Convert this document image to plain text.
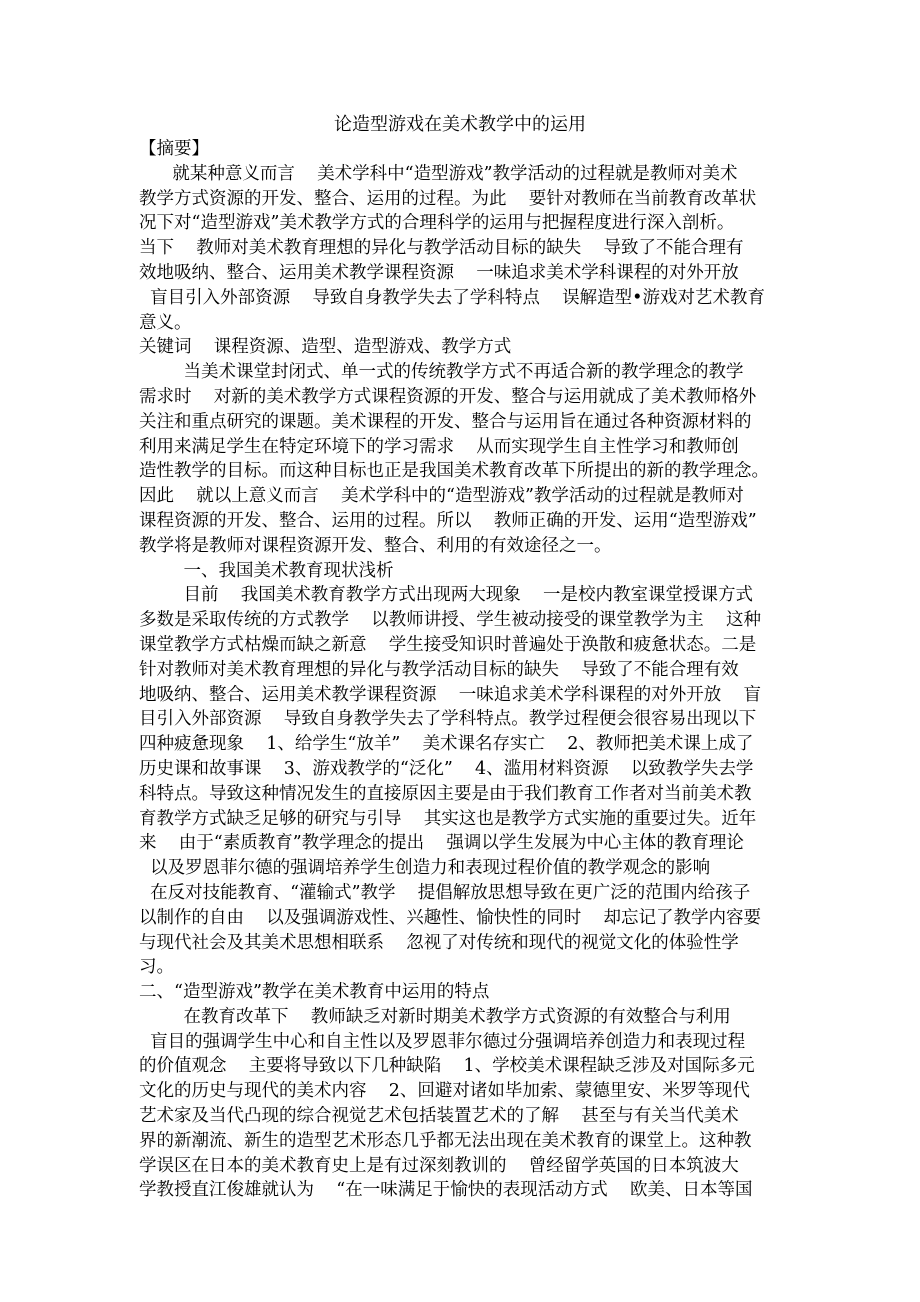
论造型游戏在美术教学中的运用
【摘要】
就某种意义而言    美术学科中“造型游戏”教学活动的过程就是教师对美术
教学方式资源的开发、整合、运用的过程。为此    要针对教师在当前教育改革状
况下对“造型游戏”美术教学方式的合理科学的运用与把握程度进行深入剖析。
当下    教师对美术教育理想的异化与教学活动目标的缺失    导致了不能合理有
效地吸纳、整合、运用美术教学课程资源    一味追求美术学科课程的对外开放
盲目引入外部资源    导致自身教学失去了学科特点    误解造型•游戏对艺术教育
意义。
关键词    课程资源、造型、造型游戏、教学方式
当美术课堂封闭式、单一式的传统教学方式不再适合新的教学理念的教学
需求时    对新的美术教学方式课程资源的开发、整合与运用就成了美术教师格外
关注和重点研究的课题。美术课程的开发、整合与运用旨在通过各种资源材料的
利用来满足学生在特定环境下的学习需求    从而实现学生自主性学习和教师创
造性教学的目标。而这种目标也正是我国美术教育改革下所提出的新的教学理念。
因此    就以上意义而言    美术学科中的“造型游戏”教学活动的过程就是教师对
课程资源的开发、整合、运用的过程。所以    教师正确的开发、运用“造型游戏”
教学将是教师对课程资源开发、整合、利用的有效途径之一。
一、我国美术教育现状浅析
目前    我国美术教育教学方式出现两大现象    一是校内教室课堂授课方式
多数是采取传统的方式教学    以教师讲授、学生被动接受的课堂教学为主    这种
课堂教学方式枯燥而缺之新意    学生接受知识时普遍处于涣散和疲惫状态。二是
针对教师对美术教育理想的异化与教学活动目标的缺失    导致了不能合理有效
地吸纳、整合、运用美术教学课程资源    一味追求美术学科课程的对外开放    盲
目引入外部资源    导致自身教学失去了学科特点。教学过程便会很容易出现以下
四种疲惫现象    1、给学生“放羊”    美术课名存实亡    2、教师把美术课上成了
历史课和故事课    3、游戏教学的“泛化”    4、滥用材料资源    以致教学失去学
科特点。导致这种情况发生的直接原因主要是由于我们教育工作者对当前美术教
育教学方式缺乏足够的研究与引导    其实这也是教学方式实施的重要过失。近年
来    由于“素质教育”教学理念的提出    强调以学生发展为中心主体的教育理论
以及罗恩菲尔德的强调培养学生创造力和表现过程价值的教学观念的影响
在反对技能教育、“灌输式”教学    提倡解放思想导致在更广泛的范围内给孩子
以制作的自由    以及强调游戏性、兴趣性、愉快性的同时    却忘记了教学内容要
与现代社会及其美术思想相联系    忽视了对传统和现代的视觉文化的体验性学
习。
二、“造型游戏”教学在美术教育中运用的特点
在教育改革下    教师缺乏对新时期美术教学方式资源的有效整合与利用
盲目的强调学生中心和自主性以及罗恩菲尔德过分强调培养创造力和表现过程
的价值观念    主要将导致以下几种缺陷    1、学校美术课程缺乏涉及对国际多元
文化的历史与现代的美术内容    2、回避对诸如毕加索、蒙德里安、米罗等现代
艺术家及当代凸现的综合视觉艺术包括装置艺术的了解    甚至与有关当代美术
界的新潮流、新生的造型艺术形态几乎都无法出现在美术教育的课堂上。这种教
学误区在日本的美术教育史上是有过深刻教训的    曾经留学英国的日本筑波大
学教授直江俊雄就认为    “在一味满足于愉快的表现活动方式    欧美、日本等国
